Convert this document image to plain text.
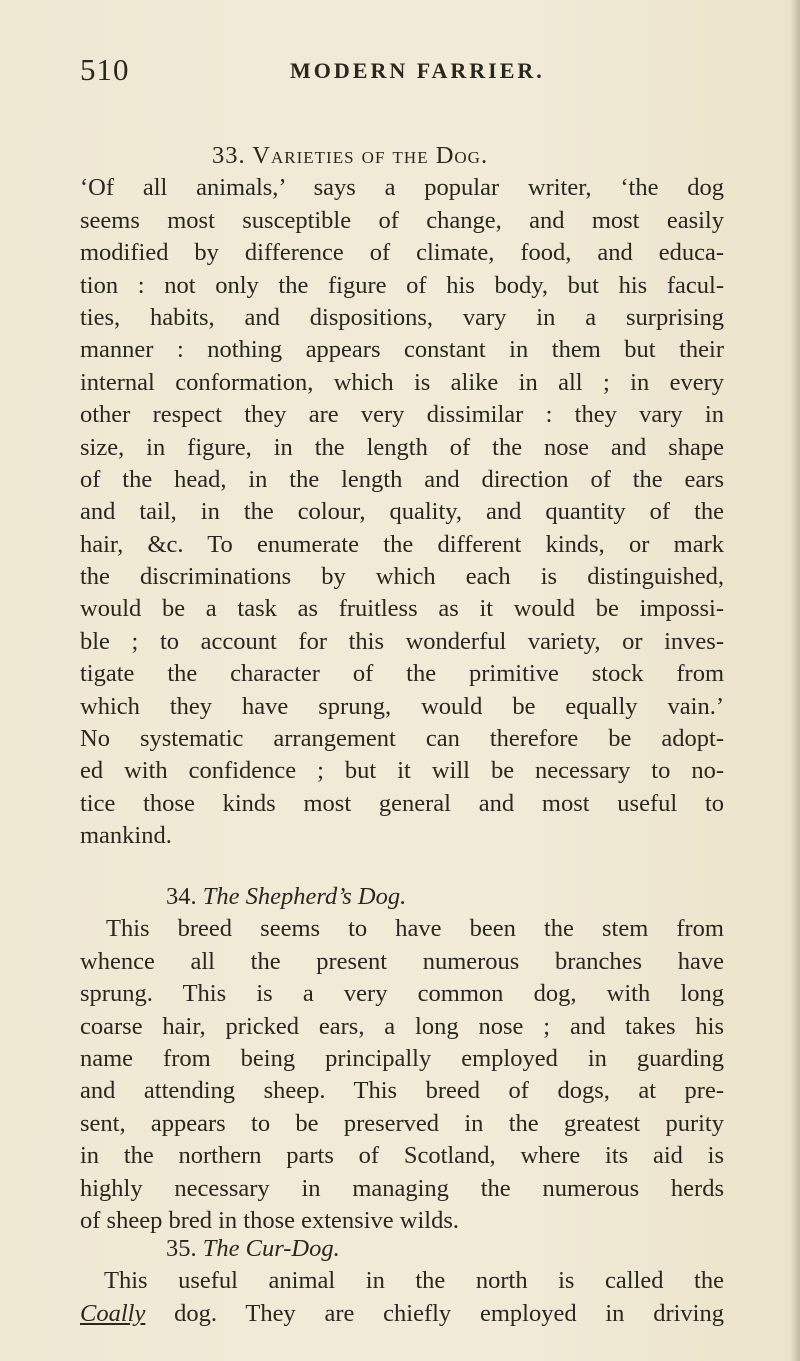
510	MODERN FARRIER.
33. Varieties of the Dog.
‘Of all animals,’ says a popular writer, ‘the dog
seems most susceptible of change, and most easily
modified by difference of climate, food, and educa-
tion : not only the figure of his body, but his facul-
ties, habits, and dispositions, vary in a surprising
manner : nothing appears constant in them but their
internal conformation, which is alike in all ; in every
other respect they are very dissimilar : they vary in
size, in figure, in the length of the nose and shape
of the head, in the length and direction of the ears
and tail, in the colour, quality, and quantity of the
hair, &c. To enumerate the different kinds, or mark
the discriminations by which each is distinguished,
would be a task as fruitless as it would be impossi-
ble ; to account for this wonderful variety, or inves-
tigate the character of the primitive stock from
which they have sprung, would be equally vain.’
No systematic arrangement can therefore be adopt-
ed with confidence ; but it will be necessary to no-
tice those kinds most general and most useful to
mankind.
34. The Shepherd’s Dog.
This breed seems to have been the stem from
whence all the present numerous branches have
sprung. This is a very common dog, with long
coarse hair, pricked ears, a long nose ; and takes his
name from being principally employed in guarding
and attending sheep. This breed of dogs, at pre-
sent, appears to be preserved in the greatest purity
in the northern parts of Scotland, where its aid is
highly necessary in managing the numerous herds
of sheep bred in those extensive wilds.
35. The Cur-Dog.
This useful animal in the north is called the
Coally dog. They are chiefly employed in driving
